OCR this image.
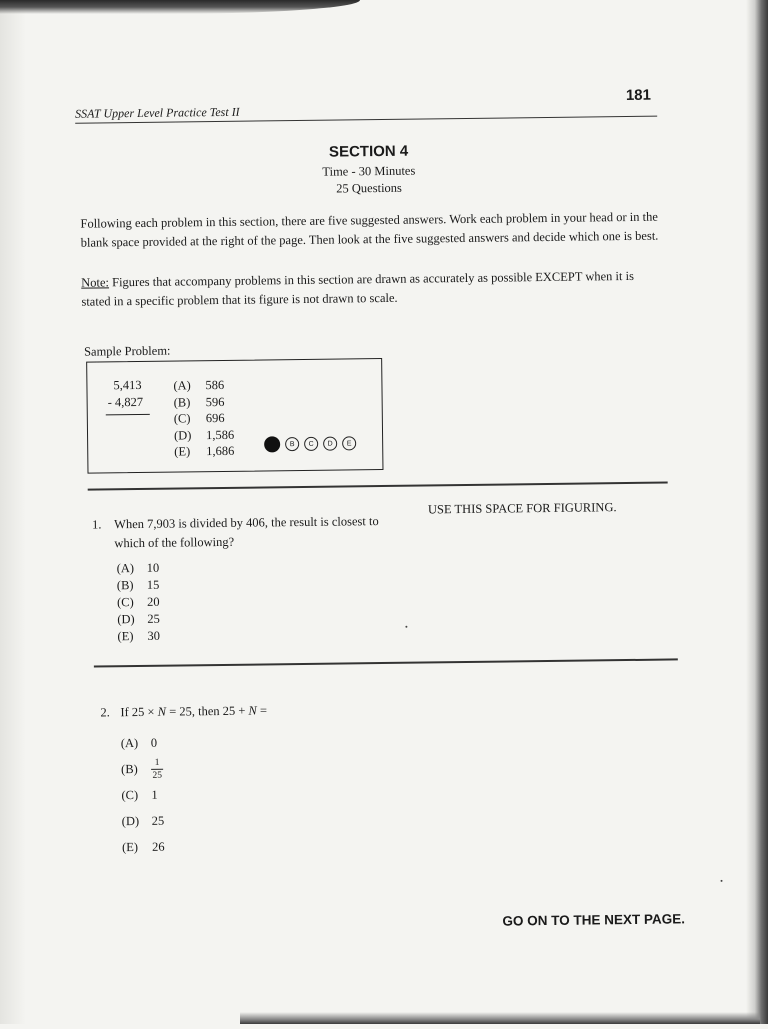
181
SSAT Upper Level Practice Test II
SECTION 4
Time - 30 Minutes
25 Questions
Following each problem in this section, there are five suggested answers. Work each problem in your head or in the blank space provided at the right of the page. Then look at the five suggested answers and decide which one is best.
Note: Figures that accompany problems in this section are drawn as accurately as possible EXCEPT when it is stated in a specific problem that its figure is not drawn to scale.
Sample Problem:
5,413
- 4,827
(A) 586
(B) 596
(C) 696
(D) 1,586
(E) 1,686
B	C	D	E
USE THIS SPACE FOR FIGURING.
1. When 7,903 is divided by 406, the result is closest to which of the following?
(A) 10
(B) 15
(C) 20
(D) 25
(E) 30
2. If 25 × N = 25, then 25 + N =
(A) 0
(B)	$\frac{1}{25}$
(C)	1
(D) 25
(E)	26
GO ON TO THE NEXT PAGE.
